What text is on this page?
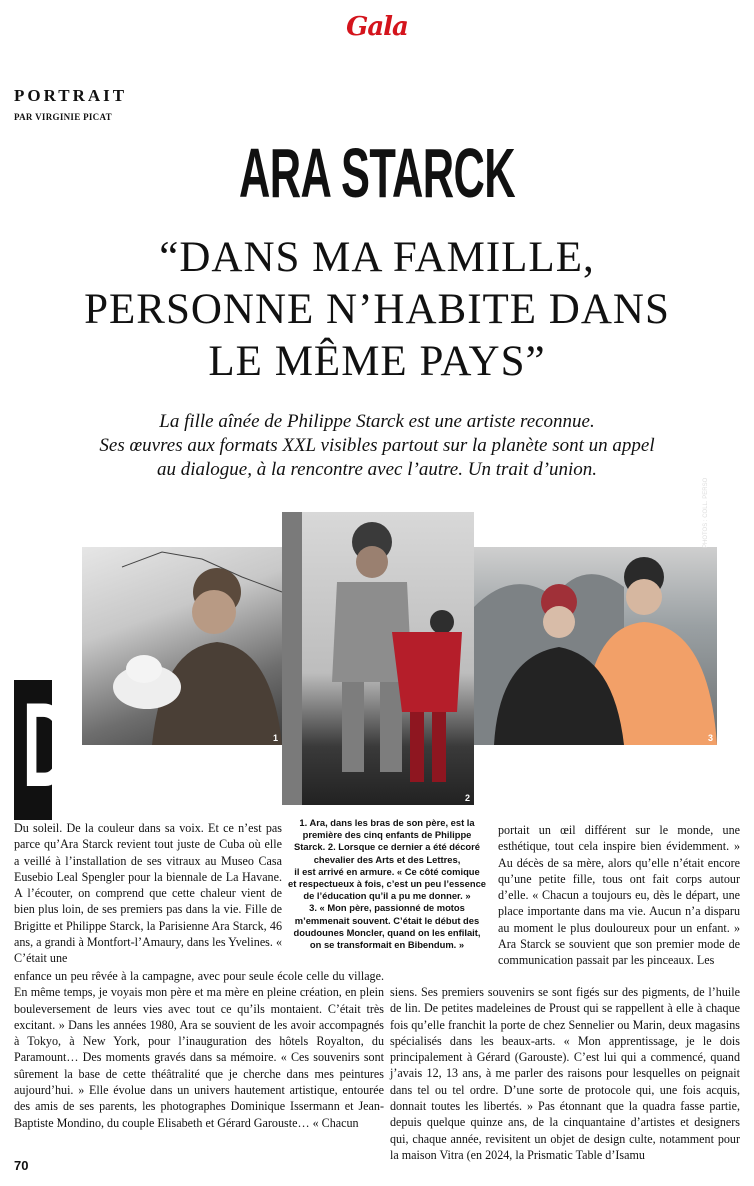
Gala
PORTRAIT
PAR VIRGINIE PICAT
ARA STARCK
“DANS MA FAMILLE,
PERSONNE N’HABITE DANS
LE MÊME PAYS”
La fille aînée de Philippe Starck est une artiste reconnue.
Ses œuvres aux formats XXL visibles partout sur la planète sont un appel
au dialogue, à la rencontre avec l’autre. Un trait d’union.
1
2
3
PHOTOS : COLL. PERSO
D
1. Ara, dans les bras de son père, est la
première des cinq enfants de Philippe
Starck. 2. Lorsque ce dernier a été décoré
chevalier des Arts et des Lettres,
il est arrivé en armure. « Ce côté comique
et respectueux à fois, c’est un peu l’essence
de l’éducation qu’il a pu me donner. »
3. « Mon père, passionné de motos
m’emmenait souvent. C’était le début des
doudounes Moncler, quand on les enfilait,
on se transformait en Bibendum. »
Du soleil. De la couleur dans sa voix. Et ce n’est pas parce qu’Ara Starck revient tout juste de Cuba où elle a veillé à l’installation de ses vitraux au Museo Casa Eusebio Leal Spengler pour la biennale de La Havane. A l’écouter, on comprend que cette chaleur vient de bien plus loin, de ses premiers pas dans la vie. Fille de Brigitte et Philippe Starck, la Parisienne Ara Starck, 46 ans, a grandi à Montfort-l’Amaury, dans les Yvelines. « C’était une
enfance un peu rêvée à la campagne, avec pour seule école celle du village. En même temps, je voyais mon père et ma mère en pleine création, en plein bouleversement de leurs vies avec tout ce qu’ils montaient. C’était très excitant. » Dans les années 1980, Ara se souvient de les avoir accompagnés à Tokyo, à New York, pour l’inauguration des hôtels Royalton, du Paramount… Des moments gravés dans sa mémoire. « Ces souvenirs sont sûrement la base de cette théâtralité que je cherche dans mes peintures aujourd’hui. » Elle évolue dans un univers hautement artistique, entourée des amis de ses parents, les photographes Dominique Issermann et Jean-Baptiste Mondino, du couple Elisabeth et Gérard Garouste… « Chacun
portait un œil différent sur le monde, une esthétique, tout cela inspire bien évidemment. » Au décès de sa mère, alors qu’elle n’était encore qu’une petite fille, tous ont fait corps autour d’elle. « Chacun a toujours eu, dès le départ, une place importante dans ma vie. Aucun n’a disparu au moment le plus douloureux pour un enfant. » Ara Starck se souvient que son premier mode de communication passait par les pinceaux. Les
siens. Ses premiers souvenirs se sont figés sur des pigments, de l’huile de lin. De petites madeleines de Proust qui se rappellent à elle à chaque fois qu’elle franchit la porte de chez Sennelier ou Marin, deux magasins spécialisés dans les beaux-arts. « Mon apprentissage, je le dois principalement à Gérard (Garouste). C’est lui qui a commencé, quand j’avais 12, 13 ans, à me parler des raisons pour lesquelles on peignait dans tel ou tel ordre. D’une sorte de protocole qui, une fois acquis, donnait toutes les libertés. » Pas étonnant que la quadra fasse partie, depuis quelque quinze ans, de la cinquantaine d’artistes et designers qui, chaque année, revisitent un objet de design culte, notamment pour la maison Vitra (en 2024, la Prismatic Table d’Isamu
70
